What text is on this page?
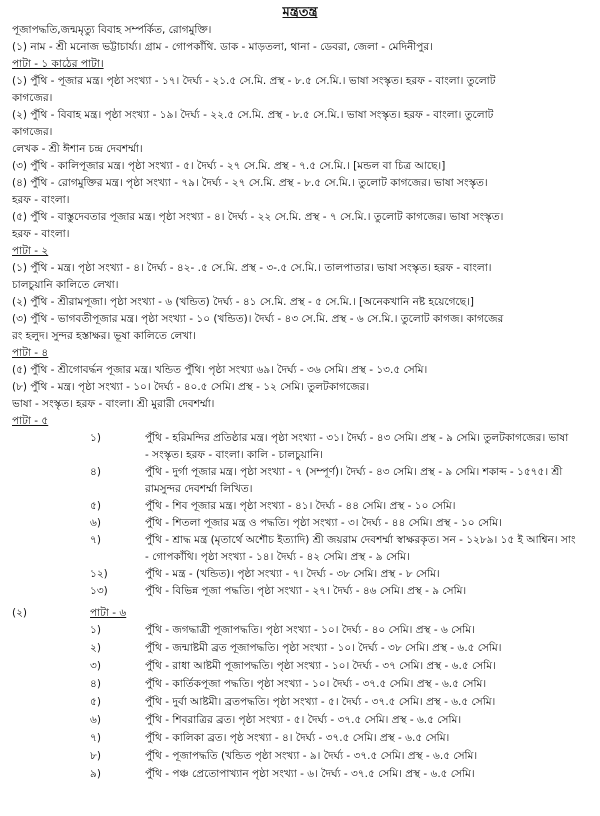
মন্ত্রতন্ত্র
পূজাপদ্ধতি,জন্মমৃত্যু বিবাহ সম্পর্কিত, রোগমুক্তি।
(১) নাম - শ্রী মনোজ ভট্টাচার্য্য। গ্রাম - গোপকাঁথি. ডাক - মাড়তলা, থানা - ডেবরা, জেলা - মেদিনীপুর।
পাটা - ১ কাঠের পাটা।
(১) পুঁথি - পূজার মন্ত্র। পৃষ্ঠা সংখ্যা - ১৭। দৈর্ঘ্য - ২১.৫ সে.মি. প্রস্থ - ৮.৫ সে.মি.। ভাষা সংস্কৃত। হরফ - বাংলা। তুলোট
কাগজের।
(২) পুঁথি - বিবাহ মন্ত্র। পৃষ্ঠা সংখ্যা - ১৯। দৈর্ঘ্য - ২২.৫ সে.মি. প্রস্থ - ৮.৫ সে.মি.। ভাষা সংস্কৃত। হরফ - বাংলা। তুলোট
কাগজের।
লেখক - শ্রী ঈশান চন্দ্র দেবশর্ম্মা।
(৩) পুঁথি - কালিপূজার মন্ত্র। পৃষ্ঠা সংখ্যা - ৫। দৈর্ঘ্য - ২৭ সে.মি. প্রস্থ - ৭.৫ সে.মি.। [মন্ডল বা চিত্র আছে।]
(৪) পুঁথি - রোগমুক্তির মন্ত্র। পৃষ্ঠা সংখ্যা - ৭৯। দৈর্ঘ্য - ২৭ সে.মি. প্রস্থ - ৮.৫ সে.মি.। তুলোট কাগজের। ভাষা সংস্কৃত।
হরফ - বাংলা।
(৫) পুঁথি - বাস্তুদেবতার পূজার মন্ত্র। পৃষ্ঠা সংখ্যা - ৪। দৈর্ঘ্য - ২২ সে.মি. প্রস্থ - ৭ সে.মি.। তুলোট কাগজের। ভাষা সংস্কৃত।
হরফ - বাংলা।
পাটা - ২
(১) পুঁথি - মন্ত্র। পৃষ্ঠা সংখ্যা - ৪। দৈর্ঘ্য - ৪২- .৫ সে.মি. প্রস্থ - ৩-.৫ সে.মি.। তালপাতার। ভাষা সংস্কৃত। হরফ - বাংলা।
চালচুয়ানি কালিতে লেখা।
(২) পুঁথি - শ্রীরামপূজা। পৃষ্ঠা সংখ্যা - ৬ (খন্ডিত) দৈর্ঘ্য - ৪১ সে.মি. প্রস্থ - ৫ সে.মি.। [অনেকখানি নষ্ট হয়েগেছে।]
(৩) পুঁথি - ভাগবতীপূজার মন্ত্র। পৃষ্ঠা সংখ্যা - ১০ (খন্ডিত)। দৈর্ঘ্য - ৪৩ সে.মি. প্রস্থ - ৬ সে.মি.। তুলোট কাগজ। কাগজের
রং হলুদ। সুন্দর হস্তাক্ষর। ভূষা কালিতে লেখা।
পাটা - ৪
(৫) পুঁথি - শ্রীগোবর্দ্ধন পূজার মন্ত্র। খন্ডিত পুঁথি। পৃষ্ঠা সংখ্যা ৬৯। দৈর্ঘ্য - ৩৬ সেমি। প্রস্থ - ১৩.৫ সেমি।
(৮) পুঁথি - মন্ত্র। পৃষ্ঠা সংখ্যা - ১০। দৈর্ঘ্য - ৪০.৫ সেমি। প্রস্থ - ১২ সেমি। তুলটকাগজের।
ভাষা - সংস্কৃত। হরফ - বাংলা। শ্রী মুরারী দেবশর্ম্মা।
পাটা - ৫
১)	পুঁথি - হরিমন্দির প্রতিষ্ঠার মন্ত্র। পৃষ্ঠা সংখ্যা - ৩১। দৈর্ঘ্য - ৪৩ সেমি। প্রস্থ - ৯ সেমি। তুলটকাগজের। ভাষা
- সংস্কৃত। হরফ - বাংলা। কালি - চালচুয়ানি।
৪)	পুঁথি - দুর্গা পূজার মন্ত্র। পৃষ্ঠা সংখ্যা - ৭ (সম্পূর্ণ)। দৈর্ঘ্য - ৪৩ সেমি। প্রস্থ - ৯ সেমি। শকাব্দ - ১৫৭৫। শ্রী
রামসুন্দর দেবশর্ম্মা লিখিত।
৫)	পুঁথি - শিব পূজার মন্ত্র। পৃষ্ঠা সংখ্যা - ৪১। দৈর্ঘ্য - ৪৪ সেমি। প্রস্থ - ১০ সেমি।
৬)	পুঁথি - শিতলা পূজার মন্ত্র ও পদ্ধতি। পৃষ্ঠা সংখ্যা - ৩। দৈর্ঘ্য - ৪৪ সেমি। প্রস্থ - ১০ সেমি।
৭)	পুঁথি - শ্রাদ্ধ মন্ত্র (মৃতার্থে অশৌচ ইত্যাদি) শ্রী জয়রাম দেবশর্ম্মা স্বাক্ষরকৃত। সন - ১২৮৯। ১৫ ই আশ্বিন। সাং
- গোপকাঁথি। পৃষ্ঠা সংখ্যা - ১৪। দৈর্ঘ্য - ৪২ সেমি। প্রস্থ - ৯ সেমি।
১২)	পুঁথি - মন্ত্র - (খন্ডিত)। পৃষ্ঠা সংখ্যা - ৭। দৈর্ঘ্য - ৩৮ সেমি। প্রস্থ - ৮ সেমি।
১৩)	পুঁথি - বিভিন্ন পূজা পদ্ধতি। পৃষ্ঠা সংখ্যা - ২৭। দৈর্ঘ্য - ৪৬ সেমি। প্রস্থ - ৯ সেমি।
(২)	পাটা - ৬
১)	পুঁথি - জগদ্ধাত্রী পূজাপদ্ধতি। পৃষ্ঠা সংখ্যা - ১০। দৈর্ঘ্য - ৪০ সেমি। প্রস্থ - ৬ সেমি।
২)	পুঁথি - জন্মাষ্টমী ব্রত পূজাপদ্ধতি। পৃষ্ঠা সংখ্যা - ১০। দৈর্ঘ্য - ৩৮ সেমি। প্রস্থ - ৬.৫ সেমি।
৩)	পুঁথি - রাধা আষ্টমী পূজাপদ্ধতি। পৃষ্ঠা সংখ্যা - ১০। দৈর্ঘ্য - ৩৭ সেমি। প্রস্থ - ৬.৫ সেমি।
৪)	পুঁথি - কার্তিকপূজা পদ্ধতি। পৃষ্ঠা সংখ্যা - ১০। দৈর্ঘ্য - ৩৭.৫ সেমি। প্রস্থ - ৬.৫ সেমি।
৫)	পুঁথি - দুর্বা আষ্টমী। ব্রতপদ্ধতি। পৃষ্ঠা সংখ্যা - ৫। দৈর্ঘ্য - ৩৭.৫ সেমি। প্রস্থ - ৬.৫ সেমি।
৬)	পুঁথি - শিবরাত্রির ব্রত। পৃষ্ঠা সংখ্যা - ৫। দৈর্ঘ্য - ৩৭.৫ সেমি। প্রস্থ - ৬.৫ সেমি।
৭)	পুঁথি - কালিকা ব্রত। পৃষ্ঠ সংখ্যা - ৪। দৈর্ঘ্য - ৩৭.৫ সেমি। প্রস্থ - ৬.৫ সেমি।
৮)	পুঁথি - পূজাপদ্ধতি (খন্ডিত পৃষ্ঠা সংখ্যা - ৯। দৈর্ঘ্য - ৩৭.৫ সেমি। প্রস্থ - ৬.৫ সেমি।
৯)	পুঁথি - পঞ্চ প্রেতোপাখ্যান পৃষ্ঠা সংখ্যা - ৬। দৈর্ঘ্য - ৩৭.৫ সেমি। প্রস্থ - ৬.৫ সেমি।
